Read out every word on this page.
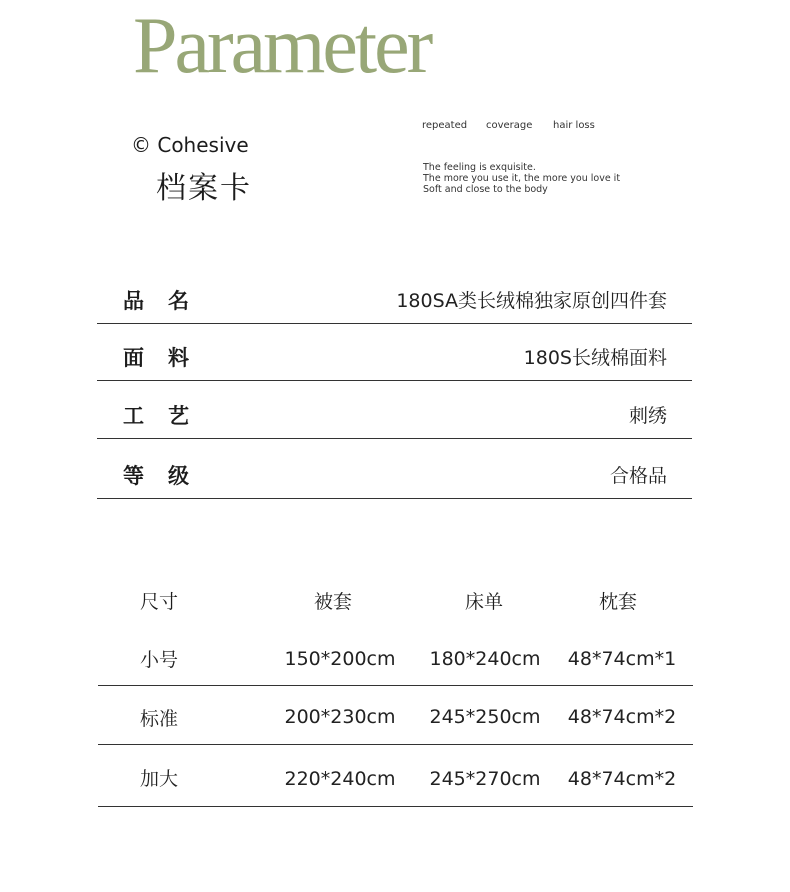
Parameter
© Cohesive
档案卡
repeated coverage hair loss
The feeling is exquisite.
The more you use it, the more you love it
Soft and close to the body
品名	180SA类长绒棉独家原创四件套
面料	180S长绒棉面料
工艺	刺绣
等级	合格品
尺寸	被套	床单	枕套
小号	150*200cm 180*240cm 48*74cm*1
标准	200*230cm 245*250cm 48*74cm*2
加大	220*240cm 245*270cm 48*74cm*2
